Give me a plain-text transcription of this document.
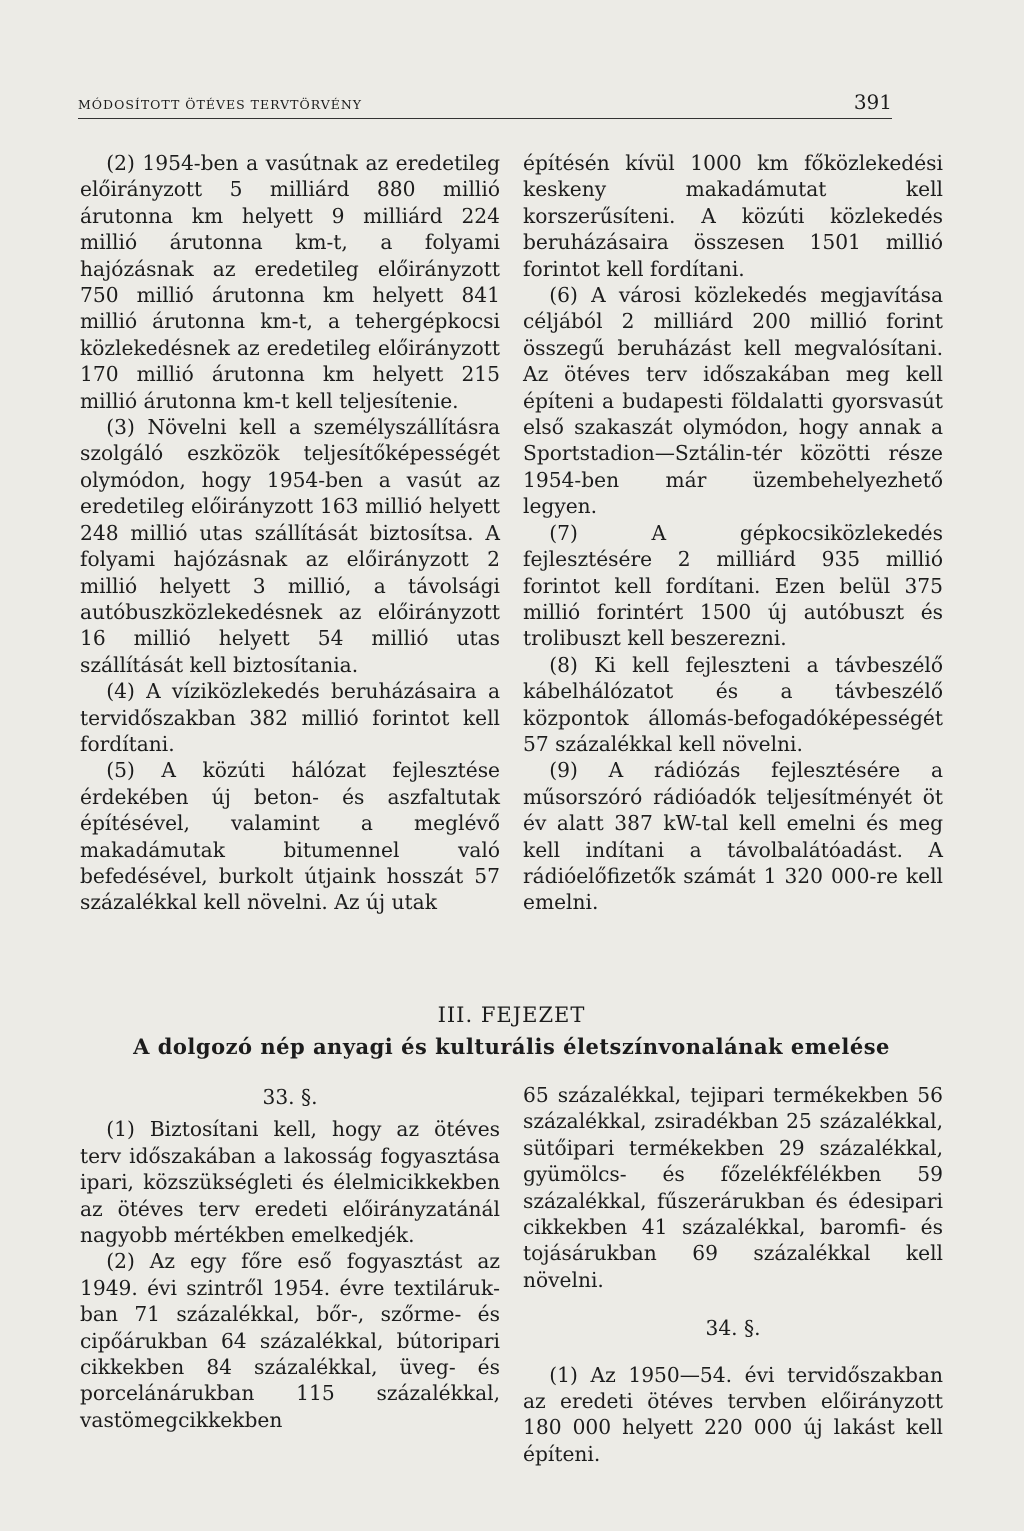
MÓDOSÍTOTT ÖTÉVES TERVTÖRVÉNY	391

(2) 1954-ben a vasútnak az eredetileg előirányzott 5 milliárd 880 millió árutonna km helyett 9 milliárd 224 millió árutonna km-t, a folyami hajózásnak az eredetileg előirányzott 750 millió árutonna km helyett 841 millió árutonna km-t, a tehergépkocsi közlekedésnek az eredetileg előirányzott 170 millió árutonna km helyett 215 millió árutonna km-t kell teljesítenie.

(3) Növelni kell a személyszállításra szolgáló eszközök teljesítőképességét olymódon, hogy 1954-ben a vasút az eredetileg előirányzott 163 millió helyett 248 millió utas szállítását biztosítsa. A folyami hajózásnak az előirányzott 2 millió helyett 3 millió, a távolsági autóbuszközlekedésnek az előirányzott 16 millió helyett 54 millió utas szállítását kell biztosítania.

(4) A víziközlekedés beruházásaira a tervidőszakban 382 millió forintot kell fordítani.

(5) A közúti hálózat fejlesztése érdekében új beton- és aszfaltutak építésével, valamint a meglévő makadámutak bitumennel való befedésével, burkolt útjaink hosszát 57 százalékkal kell növelni. Az új utak

építésén kívül 1000 km főközlekedési keskeny makadámutat kell korszerűsíteni. A közúti közlekedés beruházásaira összesen 1501 millió forintot kell fordítani.

(6) A városi közlekedés megjavítása céljából 2 milliárd 200 millió forint összegű beruházást kell megvalósítani. Az ötéves terv időszakában meg kell építeni a budapesti földalatti gyorsvasút első szakaszát olymódon, hogy annak a Sportstadion—Sztálin-tér közötti része 1954-ben már üzembehelyezhető legyen.

(7) A gépkocsiközlekedés fejlesztésére 2 milliárd 935 millió forintot kell fordítani. Ezen belül 375 millió forintért 1500 új autóbuszt és trolibuszt kell beszerezni.

(8) Ki kell fejleszteni a távbeszélő kábelhálózatot és a távbeszélő központok állomás-befogadóképességét 57 százalékkal kell növelni.

(9) A rádiózás fejlesztésére a műsorszóró rádióadók teljesítményét öt év alatt 387 kW-tal kell emelni és meg kell indítani a távolbalátóadást. A rádióelőfizetők számát 1 320 000-re kell emelni.

III. FEJEZET
A dolgozó nép anyagi és kulturális életszínvonalának emelése

33. §.

(1) Biztosítani kell, hogy az ötéves terv időszakában a lakosság fogyasztása ipari, közszükségleti és élelmicikkekben az ötéves terv eredeti előirányzatánál nagyobb mértékben emelkedjék.

(2) Az egy főre eső fogyasztást az 1949. évi szintről 1954. évre textilárukban 71 százalékkal, bőr-, szőrme- és cipőárukban 64 százalékkal, bútoripari cikkekben 84 százalékkal, üveg- és porcelánárukban 115 százalékkal, vastömegcikkekben

65 százalékkal, tejipari termékekben 56 százalékkal, zsiradékban 25 százalékkal, sütőipari termékekben 29 százalékkal, gyümölcs- és főzelékfélékben 59 százalékkal, fűszerárukban és édesipari cikkekben 41 százalékkal, baromfi- és tojásárukban 69 százalékkal kell növelni.

34. §.

(1) Az 1950—54. évi tervidőszakban az eredeti ötéves tervben előirányzott 180 000 helyett 220 000 új lakást kell építeni.
